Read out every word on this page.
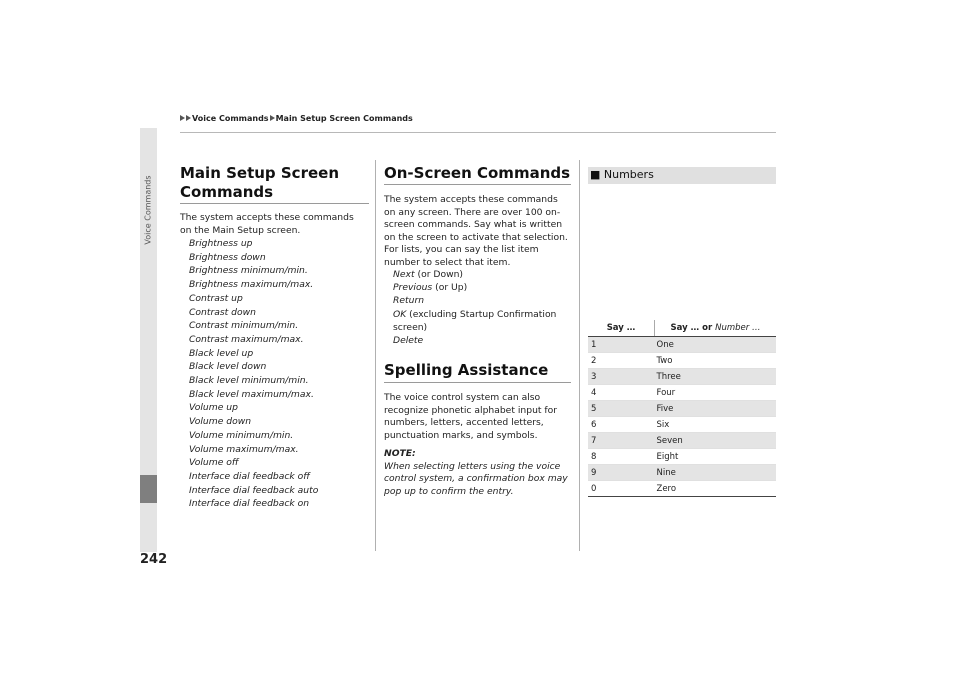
Voice Commands Main Setup Screen Commands
Voice Commands
242
Main Setup Screen Commands
The system accepts these commands on the Main Setup screen.
Brightness up
Brightness down
Brightness minimum/min.
Brightness maximum/max.
Contrast up
Contrast down
Contrast minimum/min.
Contrast maximum/max.
Black level up
Black level down
Black level minimum/min.
Black level maximum/max.
Volume up
Volume down
Volume minimum/min.
Volume maximum/max.
Volume off
Interface dial feedback off
Interface dial feedback auto
Interface dial feedback on
On-Screen Commands
The system accepts these commands on any screen. There are over 100 on-screen commands. Say what is written on the screen to activate that selection. For lists, you can say the list item number to select that item.
Next (or Down)
Previous (or Up)
Return
OK (excluding Startup Confirmation screen)
Delete
Spelling Assistance
The voice control system can also recognize phonetic alphabet input for numbers, letters, accented letters, punctuation marks, and symbols.
NOTE:
When selecting letters using the voice control system, a confirmation box may pop up to confirm the entry.
■ Numbers
Say …	Say … or Number …
1	One
2	Two
3	Three
4	Four
5	Five
6	Six
7	Seven
8	Eight
9	Nine
0	Zero
